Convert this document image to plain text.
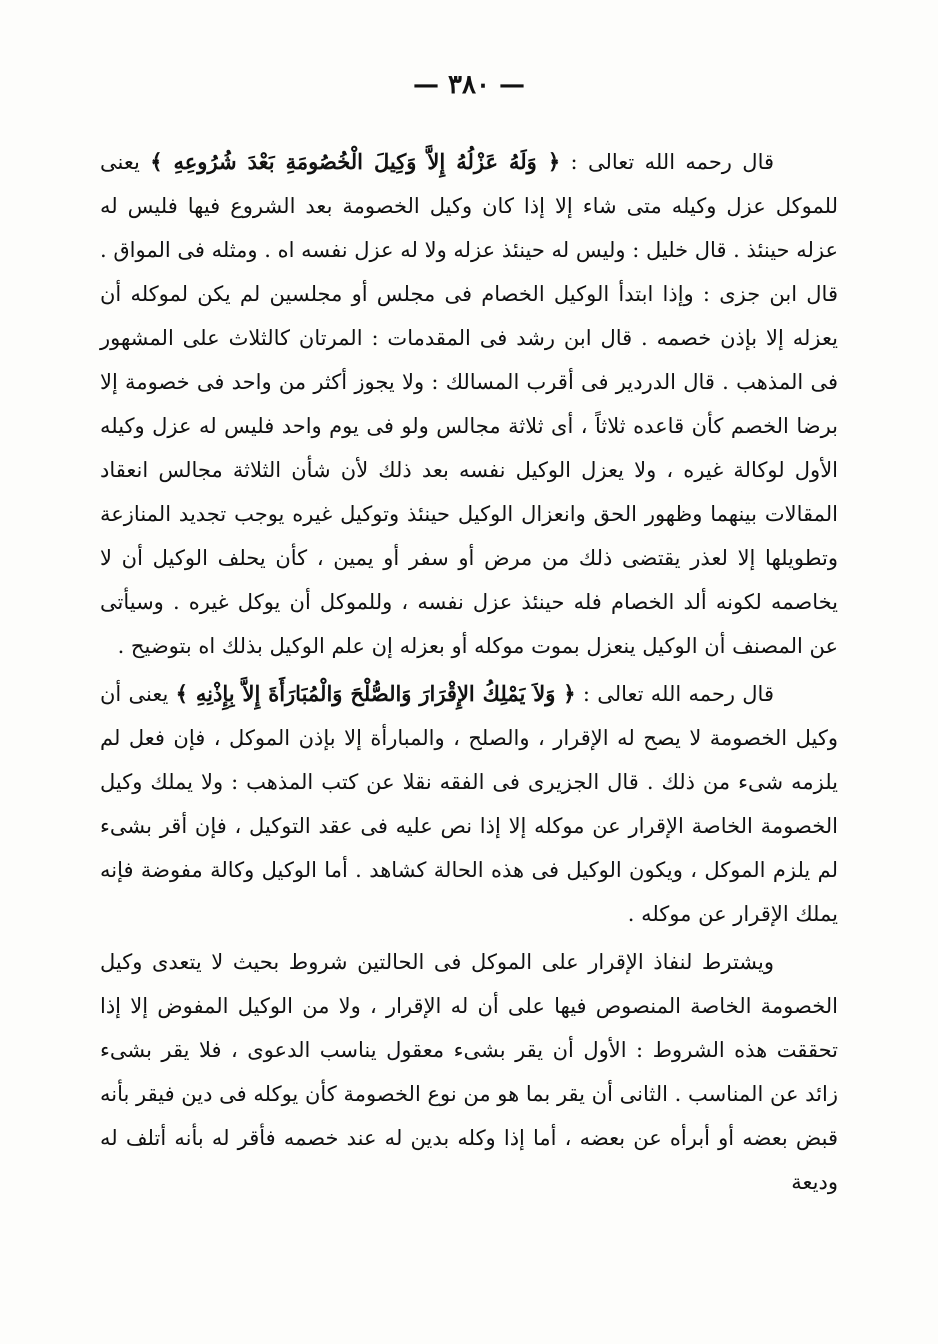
— ٣٨٠ —

قال رحمه الله تعالى : ﴿ وَلَهُ عَزْلُهُ إِلاَّ وَكِيلَ الْخُصُومَةِ بَعْدَ شُرُوعِهِ ﴾ يعنى للموكل عزل وكيله متى شاء إلا إذا كان وكيل الخصومة بعد الشروع فيها فليس له عزله حينئذ . قال خليل : وليس له حينئذ عزله ولا له عزل نفسه اه . ومثله فى المواق . قال ابن جزى : وإذا ابتدأ الوكيل الخصام فى مجلس أو مجلسين لم يكن لموكله أن يعزله إلا بإذن خصمه . قال ابن رشد فى المقدمات : المرتان كالثلاث على المشهور فى المذهب . قال الدردير فى أقرب المسالك : ولا يجوز أكثر من واحد فى خصومة إلا برضا الخصم كأن قاعده ثلاثاً ، أى ثلاثة مجالس ولو فى يوم واحد فليس له عزل وكيله الأول لوكالة غيره ، ولا يعزل الوكيل نفسه بعد ذلك لأن شأن الثلاثة مجالس انعقاد المقالات بينهما وظهور الحق وانعزال الوكيل حينئذ وتوكيل غيره يوجب تجديد المنازعة وتطويلها إلا لعذر يقتضى ذلك من مرض أو سفر أو يمين ، كأن يحلف الوكيل أن لا يخاصمه لكونه ألد الخصام فله حينئذ عزل نفسه ، وللموكل أن يوكل غيره . وسيأتى عن المصنف أن الوكيل ينعزل بموت موكله أو بعزله إن علم الوكيل بذلك اه بتوضيح .

قال رحمه الله تعالى : ﴿ وَلاَ يَمْلِكُ الإِقْرَارَ وَالصُّلْحَ وَالْمُبَارَأَةَ إِلاَّ بِإِذْنِهِ ﴾ يعنى أن وكيل الخصومة لا يصح له الإقرار ، والصلح ، والمبارأة إلا بإذن الموكل ، فإن فعل لم يلزمه شىء من ذلك . قال الجزيرى فى الفقه نقلا عن كتب المذهب : ولا يملك وكيل الخصومة الخاصة الإقرار عن موكله إلا إذا نص عليه فى عقد التوكيل ، فإن أقر بشىء لم يلزم الموكل ، ويكون الوكيل فى هذه الحالة كشاهد . أما الوكيل وكالة مفوضة فإنه يملك الإقرار عن موكله .

ويشترط لنفاذ الإقرار على الموكل فى الحالتين شروط بحيث لا يتعدى وكيل الخصومة الخاصة المنصوص فيها على أن له الإقرار ، ولا من الوكيل المفوض إلا إذا تحققت هذه الشروط : الأول أن يقر بشىء معقول يناسب الدعوى ، فلا يقر بشىء زائد عن المناسب . الثانى أن يقر بما هو من نوع الخصومة كأن يوكله فى دين فيقر بأنه قبض بعضه أو أبرأه عن بعضه ، أما إذا وكله بدين له عند خصمه فأقر له بأنه أتلف له وديعة
